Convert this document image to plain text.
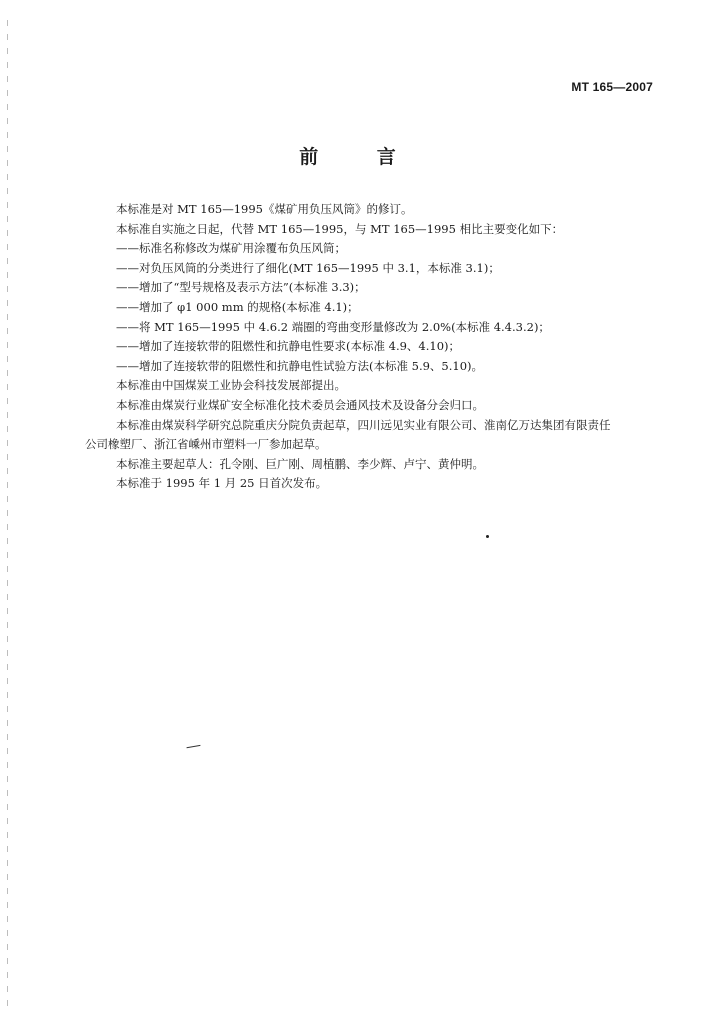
MT 165—2007
前 言

本标准是对 MT 165—1995《煤矿用负压风筒》的修订。

本标准自实施之日起，代替 MT 165—1995，与 MT 165—1995 相比主要变化如下：

——标准名称修改为煤矿用涂覆布负压风筒；

——对负压风筒的分类进行了细化(MT 165—1995 中 3.1，本标准 3.1)；

——增加了“型号规格及表示方法”(本标准 3.3)；

——增加了 φ1 000 mm 的规格(本标准 4.1)；

——将 MT 165—1995 中 4.6.2 端圈的弯曲变形量修改为 2.0%(本标准 4.4.3.2)；

——增加了连接软带的阻燃性和抗静电性要求(本标准 4.9、4.10)；

——增加了连接软带的阻燃性和抗静电性试验方法(本标准 5.9、5.10)。

本标准由中国煤炭工业协会科技发展部提出。

本标准由煤炭行业煤矿安全标准化技术委员会通风技术及设备分会归口。

本标准由煤炭科学研究总院重庆分院负责起草，四川远见实业有限公司、淮南亿万达集团有限责任

公司橡塑厂、浙江省嵊州市塑料一厂参加起草。

本标准主要起草人：孔令刚、巨广刚、周植鹏、李少辉、卢宁、黄仲明。

本标准于 1995 年 1 月 25 日首次发布。
